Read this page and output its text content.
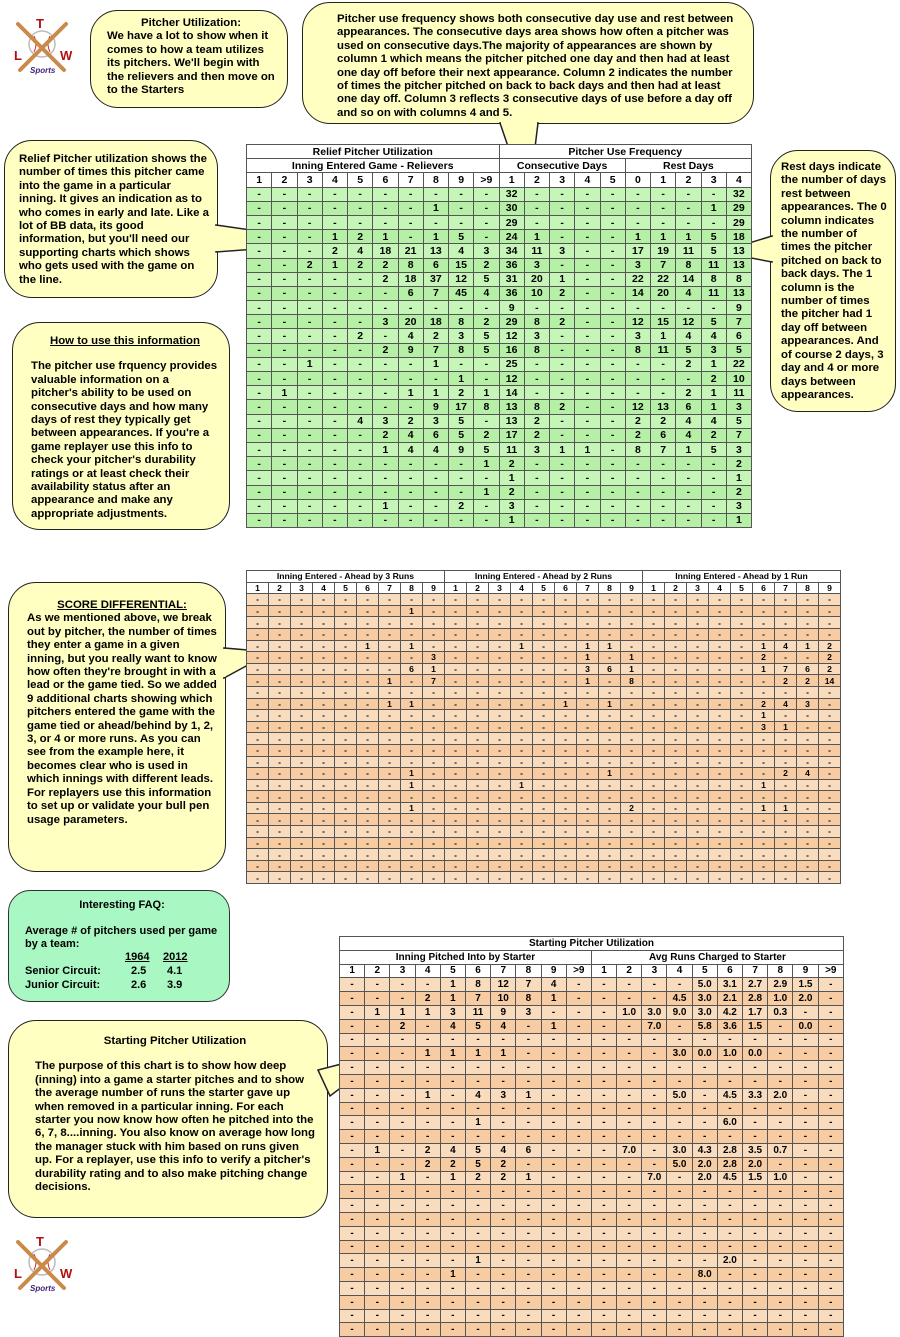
T
L	W
Sports
T
L	W
Sports
Pitcher Utilization:
We have a lot to show when it comes to how a team utilizes its pitchers. We'll begin with the relievers and then move on to the Starters
Pitcher use frequency shows both consecutive day use and rest between appearances. The consecutive days area shows how often a pitcher was used on consecutive days.The majority of appearances are shown by column 1 which means the pitcher pitched one day and then had at least one day off before their next appearance. Column 2 indicates the number of times the pitcher pitched on back to back days and then had at least one day off. Column 3 reflects 3 consecutive days of use before a day off and so on with columns 4 and 5.
Relief Pitcher utilization shows the number of times this pitcher came into the game in a particular inning. It gives an indication as to who comes in early and late. Like a lot of BB data, its good information, but you'll need our supporting charts which shows who gets used with the game on the line.
How to use this information
The pitcher use frquency provides valuable information on a pitcher's ability to be used on consecutive days and how many days of rest they typically get between appearances. If you're a game replayer use this info to check your pitcher's durability ratings or at least check their availability status after an appearance and make any appropriate adjustments.
Rest days indicate the number of days rest between appearances. The 0 column indicates the number of times the pitcher pitched on back to back days. The 1 column is the number of times the pitcher had 1 day off between appearances. And of course 2 days, 3 day and 4 or more days between appearances.
Relief Pitcher Utilization										Pitcher Use Frequency									
Inning Entered Game - Relievers										Consecutive Days					Rest Days				
1	2	3	4	5	6	7	8	9	>9	1	2	3	4	5	0	1	2	3	4
-	-	-	-	-	-	-	-	-	-	32	-	-	-	-	-	-	-	-	32
-	-	-	-	-	-	-	1	-	-	30	-	-	-	-	-	-	-	1	29
-	-	-	-	-	-	-	-	-	-	29	-	-	-	-	-	-	-	-	29
-	-	-	1	2	1	-	1	5	-	24	1	-	-	-	1	1	1	5	18
-	-	-	2	4	18	21	13	4	3	34	11	3	-	-	17	19	11	5	13
-	-	2	1	2	2	8	6	15	2	36	3	-	-	-	3	7	8	11	13
-	-	-	-	-	2	18	37	12	5	31	20	1	-	-	22	22	14	8	8
-	-	-	-	-	-	6	7	45	4	36	10	2	-	-	14	20	4	11	13
-	-	-	-	-	-	-	-	-	-	9	-	-	-	-	-	-	-	-	9
-	-	-	-	-	3	20	18	8	2	29	8	2	-	-	12	15	12	5	7
-	-	-	-	2	-	4	2	3	5	12	3	-	-	-	3	1	4	4	6
-	-	-	-	-	2	9	7	8	5	16	8	-	-	-	8	11	5	3	5
-	-	1	-	-	-	-	1	-	-	25	-	-	-	-	-	-	2	1	22
-	-	-	-	-	-	-	-	1	-	12	-	-	-	-	-	-	-	2	10
-	1	-	-	-	-	1	1	2	1	14	-	-	-	-	-	-	2	1	11
-	-	-	-	-	-	-	9	17	8	13	8	2	-	-	12	13	6	1	3
-	-	-	-	4	3	2	3	5	-	13	2	-	-	-	2	2	4	4	5
-	-	-	-	-	2	4	6	5	2	17	2	-	-	-	2	6	4	2	7
-	-	-	-	-	1	4	4	9	5	11	3	1	1	-	8	7	1	5	3
-	-	-	-	-	-	-	-	-	1	2	-	-	-	-	-	-	-	-	2
-	-	-	-	-	-	-	-	-	-	1	-	-	-	-	-	-	-	-	1
-	-	-	-	-	-	-	-	-	1	2	-	-	-	-	-	-	-	-	2
-	-	-	-	-	1	-	-	2	-	3	-	-	-	-	-	-	-	-	3
-	-	-	-	-	-	-	-	-	-	1	-	-	-	-	-	-	-	-	1
SCORE DIFFERENTIAL:
As we mentioned above, we break out by pitcher, the number of times they enter a game in a given inning, but you really want to know how often they're brought in with a lead or the game tied. So we added 9 additional charts showing which pitchers entered the game with the game tied or ahead/behind by 1, 2, 3, or 4 or more runs. As you can see from the example here, it becomes clear who is used in which innings with different leads. For replayers use this information to set up or validate your bull pen usage parameters.
Inning Entered - Ahead by 3 Runs									Inning Entered - Ahead by 2 Runs									Inning Entered - Ahead by 1 Run								
1	2	3	4	5	6	7	8	9	1	2	3	4	5	6	7	8	9	1	2	3	4	5	6	7	8	9
-	-	-	-	-	-	-	-	-	-	-	-	-	-	-	-	-	-	-	-	-	-	-	-	-	-	-
-	-	-	-	-	-	-	1	-	-	-	-	-	-	-	-	-	-	-	-	-	-	-	-	-	-	-
-	-	-	-	-	-	-	-	-	-	-	-	-	-	-	-	-	-	-	-	-	-	-	-	-	-	-
-	-	-	-	-	-	-	-	-	-	-	-	-	-	-	-	-	-	-	-	-	-	-	-	-	-	-
-	-	-	-	-	1	-	1	-	-	-	-	1	-	-	1	1	-	-	-	-	-	-	1	4	1	2
-	-	-	-	-	-	-	-	3	-	-	-	-	-	-	1	-	1	-	-	-	-	-	2	-	-	2
-	-	-	-	-	-	-	6	1	-	-	-	-	-	-	3	6	1	-	-	-	-	-	1	7	6	2
-	-	-	-	-	-	1	-	7	-	-	-	-	-	-	1	-	8	-	-	-	-	-	-	2	2	14
-	-	-	-	-	-	-	-	-	-	-	-	-	-	-	-	-	-	-	-	-	-	-	-	-	-	-
-	-	-	-	-	-	1	1	-	-	-	-	-	-	1	-	1	-	-	-	-	-	-	2	4	3	-
-	-	-	-	-	-	-	-	-	-	-	-	-	-	-	-	-	-	-	-	-	-	-	1	-	-	-
-	-	-	-	-	-	-	-	-	-	-	-	-	-	-	-	-	-	-	-	-	-	-	3	1	-	-
-	-	-	-	-	-	-	-	-	-	-	-	-	-	-	-	-	-	-	-	-	-	-	-	-	-	-
-	-	-	-	-	-	-	-	-	-	-	-	-	-	-	-	-	-	-	-	-	-	-	-	-	-	-
-	-	-	-	-	-	-	-	-	-	-	-	-	-	-	-	-	-	-	-	-	-	-	-	-	-	-
-	-	-	-	-	-	-	1	-	-	-	-	-	-	-	-	1	-	-	-	-	-	-	-	2	4	-
-	-	-	-	-	-	-	1	-	-	-	-	1	-	-	-	-	-	-	-	-	-	-	1	-	-	-
-	-	-	-	-	-	-	-	-	-	-	-	-	-	-	-	-	-	-	-	-	-	-	-	-	-	-
-	-	-	-	-	-	-	1	-	-	-	-	-	-	-	-	-	2	-	-	-	-	-	1	1	-	-
-	-	-	-	-	-	-	-	-	-	-	-	-	-	-	-	-	-	-	-	-	-	-	-	-	-	-
-	-	-	-	-	-	-	-	-	-	-	-	-	-	-	-	-	-	-	-	-	-	-	-	-	-	-
-	-	-	-	-	-	-	-	-	-	-	-	-	-	-	-	-	-	-	-	-	-	-	-	-	-	-
-	-	-	-	-	-	-	-	-	-	-	-	-	-	-	-	-	-	-	-	-	-	-	-	-	-	-
-	-	-	-	-	-	-	-	-	-	-	-	-	-	-	-	-	-	-	-	-	-	-	-	-	-	-
-	-	-	-	-	-	-	-	-	-	-	-	-	-	-	-	-	-	-	-	-	-	-	-	-	-	-
Interesting FAQ:
Average # of pitchers used per game by a team:
1964 2012
Senior Circuit:	2.5 4.1
Junior Circuit:	2.6 3.9
Starting Pitcher Utilization
The purpose of this chart is to show how deep (inning) into a game a starter pitches and to show the average number of runs the starter gave up when removed in a particular inning. For each starter you now know how often he pitched into the 6, 7, 8....inning. You also know on average how long the manager stuck with him based on runs given up. For a replayer, use this info to verify a pitcher's durability rating and to also make pitching change decisions.
Starting Pitcher Utilization																			
Inning Pitched Into by Starter										Avg Runs Charged to Starter									
1	2	3	4	5	6	7	8	9	>9	1	2	3	4	5	6	7	8	9	>9
-	-	-	-	1	8	12	7	4	-	-	-	-	-	5.0	3.1	2.7	2.9	1.5	-
-	-	-	2	1	7	10	8	1	-	-	-	-	4.5	3.0	2.1	2.8	1.0	2.0	-
-	1	1	1	3	11	9	3	-	-	-	1.0	3.0	9.0	3.0	4.2	1.7	0.3	-	-
-	-	2	-	4	5	4	-	1	-	-	-	7.0	-	5.8	3.6	1.5	-	0.0	-
-	-	-	-	-	-	-	-	-	-	-	-	-	-	-	-	-	-	-	-
-	-	-	1	1	1	1	-	-	-	-	-	-	3.0	0.0	1.0	0.0	-	-	-
-	-	-	-	-	-	-	-	-	-	-	-	-	-	-	-	-	-	-	-
-	-	-	-	-	-	-	-	-	-	-	-	-	-	-	-	-	-	-	-
-	-	-	1	-	4	3	1	-	-	-	-	-	5.0	-	4.5	3.3	2.0	-	-
-	-	-	-	-	-	-	-	-	-	-	-	-	-	-	-	-	-	-	-
-	-	-	-	-	1	-	-	-	-	-	-	-	-	-	6.0	-	-	-	-
-	-	-	-	-	-	-	-	-	-	-	-	-	-	-	-	-	-	-	-
-	1	-	2	4	5	4	6	-	-	-	7.0	-	3.0	4.3	2.8	3.5	0.7	-	-
-	-	-	2	2	5	2	-	-	-	-	-	-	5.0	2.0	2.8	2.0	-	-	-
-	-	1	-	1	2	2	1	-	-	-	-	7.0	-	2.0	4.5	1.5	1.0	-	-
-	-	-	-	-	-	-	-	-	-	-	-	-	-	-	-	-	-	-	-
-	-	-	-	-	-	-	-	-	-	-	-	-	-	-	-	-	-	-	-
-	-	-	-	-	-	-	-	-	-	-	-	-	-	-	-	-	-	-	-
-	-	-	-	-	-	-	-	-	-	-	-	-	-	-	-	-	-	-	-
-	-	-	-	-	-	-	-	-	-	-	-	-	-	-	-	-	-	-	-
-	-	-	-	-	1	-	-	-	-	-	-	-	-	-	2.0	-	-	-	-
-	-	-	-	1	-	-	-	-	-	-	-	-	-	8.0	-	-	-	-	-
-	-	-	-	-	-	-	-	-	-	-	-	-	-	-	-	-	-	-	-
-	-	-	-	-	-	-	-	-	-	-	-	-	-	-	-	-	-	-	-
-	-	-	-	-	-	-	-	-	-	-	-	-	-	-	-	-	-	-	-
-	-	-	-	-	-	-	-	-	-	-	-	-	-	-	-	-	-	-	-
